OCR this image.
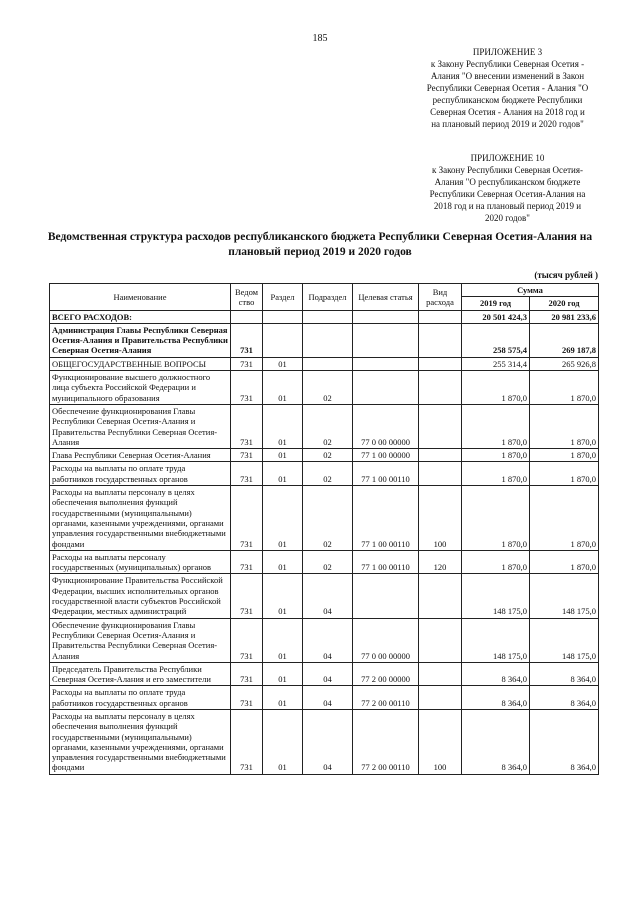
185
ПРИЛОЖЕНИЕ 3
к Закону Республики Северная Осетия -
Алания "О внесении изменений в Закон
Республики Северная Осетия - Алания "О
республиканском бюджете Республики
Северная Осетия - Алания на 2018 год и
на плановый период 2019 и 2020 годов"
ПРИЛОЖЕНИЕ 10
к Закону Республики Северная Осетия-
Алания "О республиканском бюджете
Республики Северная Осетия-Алания на
2018 год и на плановый период 2019 и
2020 годов"
Ведомственная структура расходов республиканского бюджета Республики Северная Осетия-Алания на плановый период 2019 и 2020 годов
(тысяч рублей )
Наименование	Ведом ство	Раздел	Подраздел	Целевая статья	Вид расхода	Сумма	
						2019 год	2020 год
ВСЕГО РАСХОДОВ:						20 501 424,3	20 981 233,6
Администрация Главы Республики Северная Осетия-Алания и Правительства Республики Северная Осетия-Алания	731					258 575,4	269 187,8
ОБЩЕГОСУДАРСТВЕННЫЕ ВОПРОСЫ	731	01				255 314,4	265 926,8
Функционирование высшего должностного лица субъекта Российской Федерации и муниципального образования	731	01	02			1 870,0	1 870,0
Обеспечение функционирования Главы Республики Северная Осетия-Алания и Правительства Республики Северная Осетия-Алания	731	01	02	77 0 00 00000		1 870,0	1 870,0
Глава Республики Северная Осетия-Алания	731	01	02	77 1 00 00000		1 870,0	1 870,0
Расходы на выплаты по оплате труда работников государственных органов	731	01	02	77 1 00 00110		1 870,0	1 870,0
Расходы на выплаты персоналу в целях обеспечения выполнения функций государственными (муниципальными) органами, казенными учреждениями, органами управления государственными внебюджетными фондами	731	01	02	77 1 00 00110	100	1 870,0	1 870,0
Расходы на выплаты персоналу государственных (муниципальных) органов	731	01	02	77 1 00 00110	120	1 870,0	1 870,0
Функционирование Правительства Российской Федерации, высших исполнительных органов государственной власти субъектов Российской Федерации, местных администраций	731	01	04			148 175,0	148 175,0
Обеспечение функционирования Главы Республики Северная Осетия-Алания и Правительства Республики Северная Осетия-Алания	731	01	04	77 0 00 00000		148 175,0	148 175,0
Председатель Правительства Республики Северная Осетия-Алания и его заместители	731	01	04	77 2 00 00000		8 364,0	8 364,0
Расходы на выплаты по оплате труда работников государственных органов	731	01	04	77 2 00 00110		8 364,0	8 364,0
Расходы на выплаты персоналу в целях обеспечения выполнения функций государственными (муниципальными) органами, казенными учреждениями, органами управления государственными внебюджетными фондами	731	01	04	77 2 00 00110	100	8 364,0	8 364,0
